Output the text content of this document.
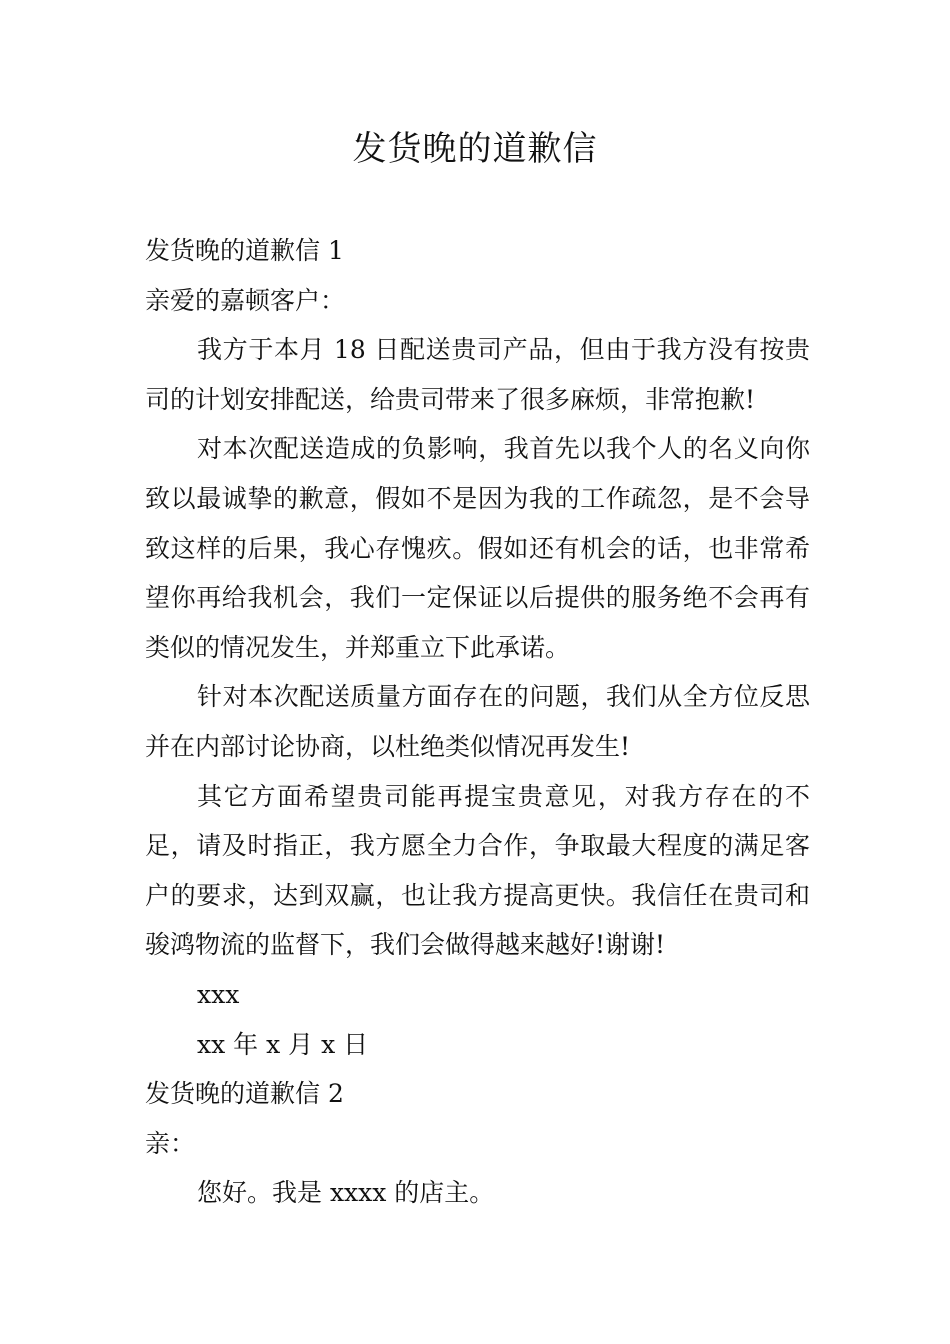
发货晚的道歉信

发货晚的道歉信 1

亲爱的嘉顿客户：

我方于本月 18 日配送贵司产品，但由于我方没有按贵司的计划安排配送，给贵司带来了很多麻烦，非常抱歉!

对本次配送造成的负影响，我首先以我个人的名义向你致以最诚挚的歉意，假如不是因为我的工作疏忽，是不会导致这样的后果，我心存愧疚。假如还有机会的话，也非常希望你再给我机会，我们一定保证以后提供的服务绝不会再有类似的情况发生，并郑重立下此承诺。

针对本次配送质量方面存在的问题，我们从全方位反思并在内部讨论协商，以杜绝类似情况再发生!

其它方面希望贵司能再提宝贵意见，对我方存在的不足，请及时指正，我方愿全力合作，争取最大程度的满足客户的要求，达到双赢，也让我方提高更快。我信任在贵司和骏鸿物流的监督下，我们会做得越来越好!谢谢!

xxx

xx 年 x 月 x 日

发货晚的道歉信 2

亲：

您好。我是 xxxx 的店主。
